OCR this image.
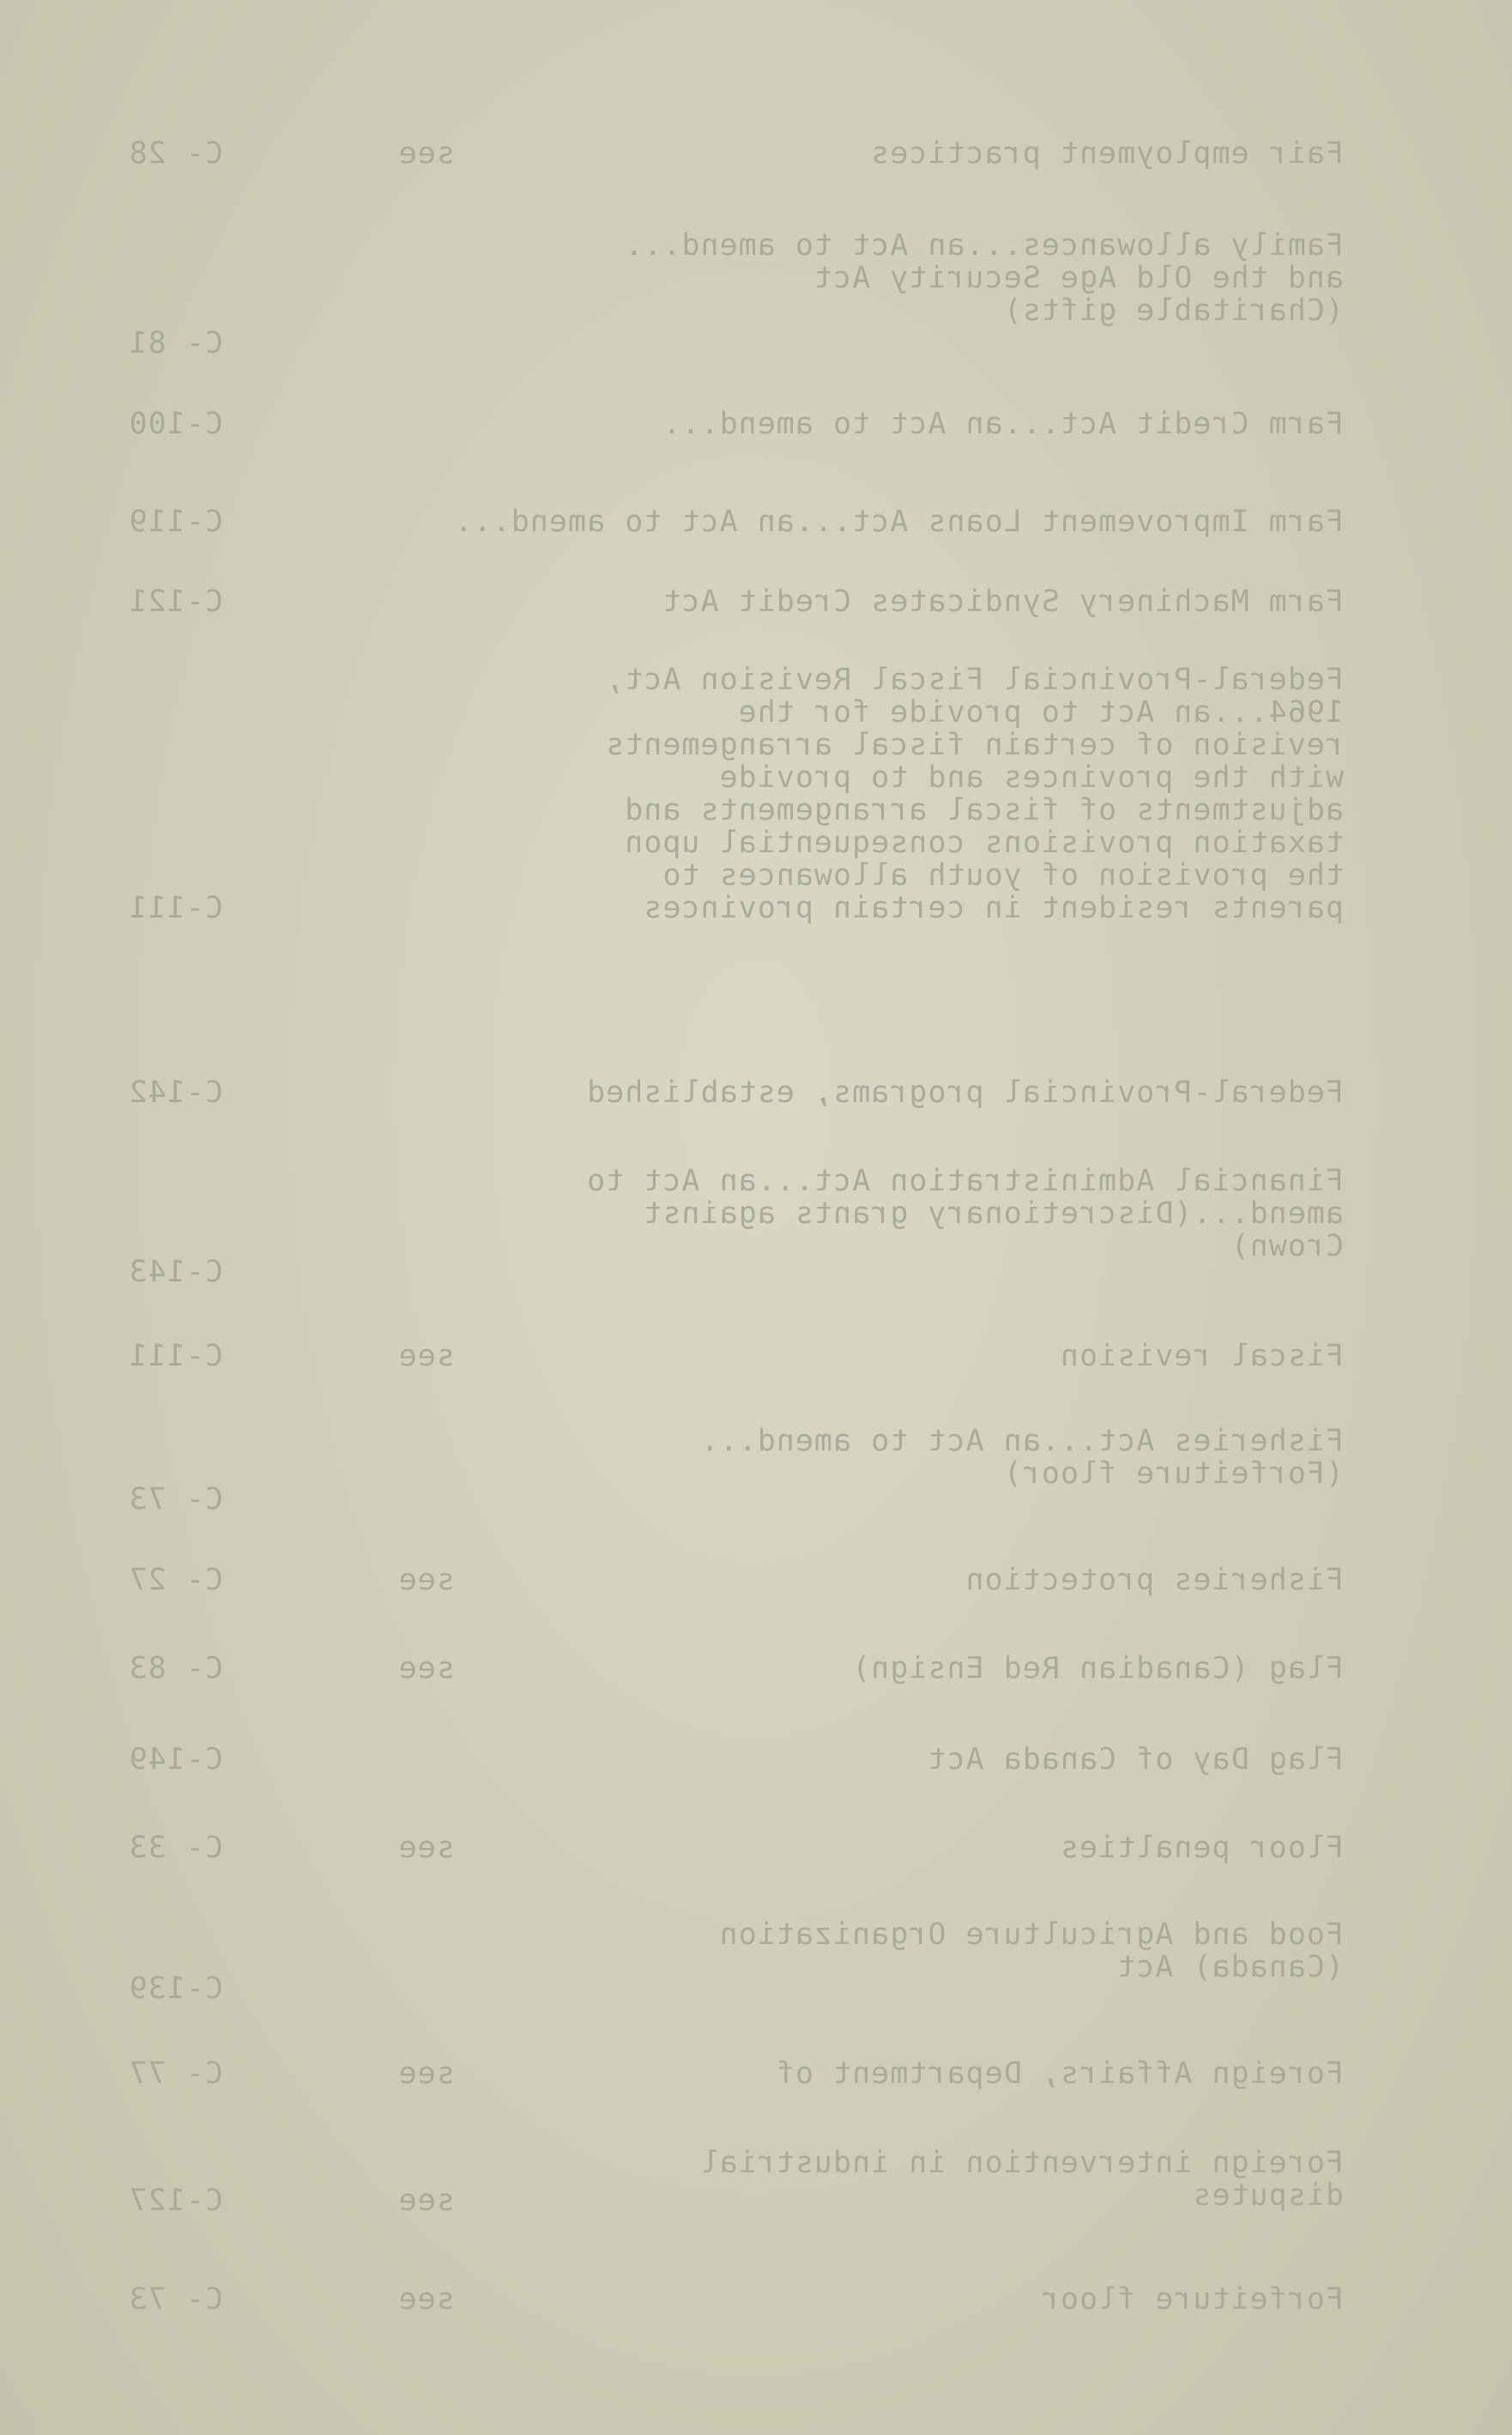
Fair employment practices
see
C- 28
Family allowances...an Act to amend...
and the Old Age Security Act
(Charitable gifts)
C- 81
Farm Credit Act...an Act to amend...
C-100
Farm Improvement Loans Act...an Act to amend...
C-119
Farm Machinery Syndicates Credit Act
C-121
Federal-Provincial Fiscal Revision Act,
1964...an Act to provide for the
revision of certain fiscal arrangements
with the provinces and to provide
adjustments of fiscal arrangements and
taxation provisions consequential upon
the provision of youth allowances to
parents resident in certain provinces
C-111
Federal-Provincial programs, established
C-142
Financial Administration Act...an Act to
amend...(Discretionary grants against
Crown)
C-143
Fiscal revision
see
C-111
Fisheries Act...an Act to amend...
(Forfeiture floor)
C- 73
Fisheries protection
see
C- 27
Flag (Canadian Red Ensign)
see
C- 83
Flag Day of Canada Act
C-149
Floor penalties
see
C- 33
Food and Agriculture Organization
(Canada) Act
C-139
Foreign Affairs, Department of
see
C- 77
Foreign intervention in industrial
disputes
see
C-127
Forfeiture floor
see
C- 73
